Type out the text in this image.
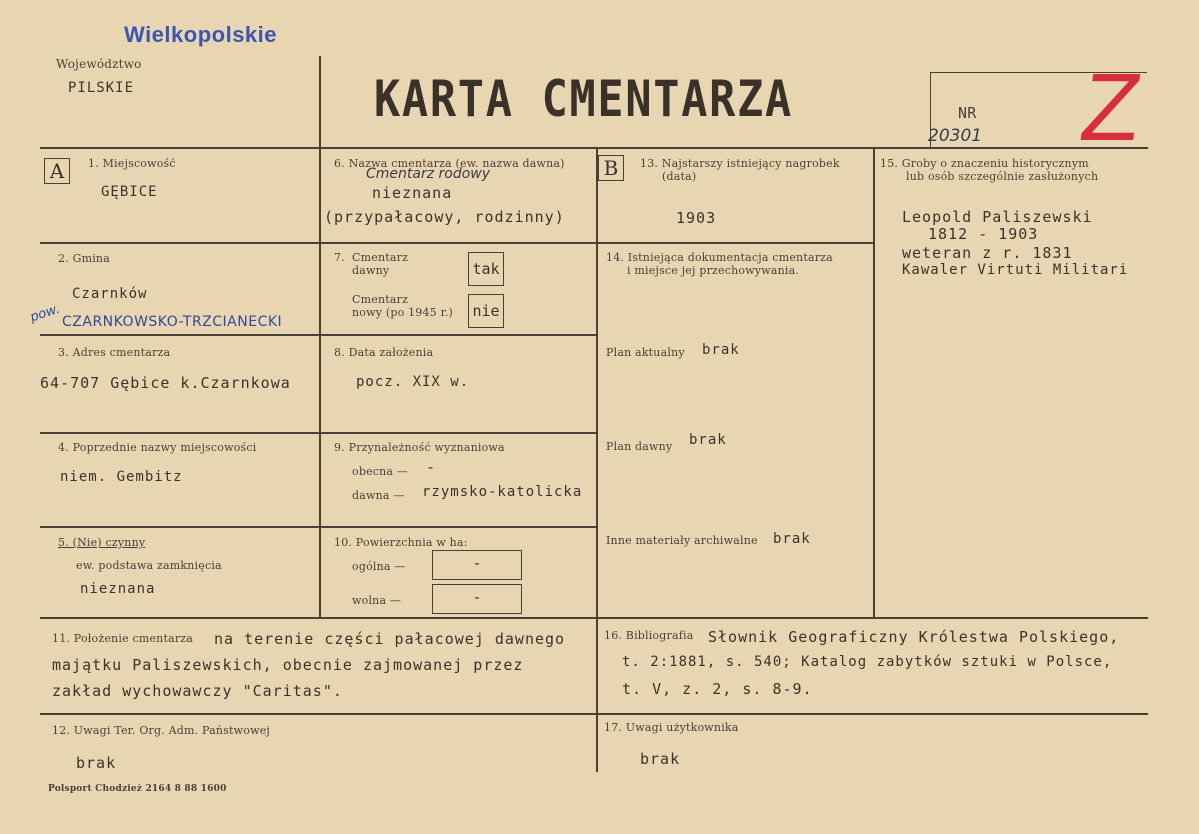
Wielkopolskie
Województwo
PILSKIE	KARTA CMENTARZA	NR
20301 Z
A	B
1. Miejscowość
GĘBICE
2. Gmina
Czarnków
pow. CZARNKOWSKO-TRZCIANECKI
3. Adres cmentarza
64-707 Gębice k.Czarnkowa
4. Poprzednie nazwy miejscowości
niem. Gembitz
5. (Nie) czynny
ew. podstawa zamknięcia
nieznana
6. Nazwa cmentarza (ew. nazwa dawna)
Cmentarz rodowy
nieznana
(przypałacowy, rodzinny)
7. Cmentarz
dawny	tak
Cmentarz
nowy (po 1945 r.) nie
8. Data założenia
pocz. XIX w.
9. Przynależność wyznaniowa
obecna — -
dawna — rzymsko-katolicka
10. Powierzchnia w ha:
ogólna —	-
wolna —	-
13. Najstarszy istniejący nagrobek
(data)
1903
14. Istniejąca dokumentacja cmentarza
i miejsce jej przechowywania.
Plan aktualny brak
Plan dawny brak
Inne materiały archiwalne brak
15. Groby o znaczeniu historycznym
lub osób szczególnie zasłużonych
Leopold Paliszewski
1812 - 1903
weteran z r. 1831
Kawaler Virtuti Militari
11. Położenie cmentarza na terenie części pałacowej dawnego
majątku Paliszewskich, obecnie zajmowanej przez
zakład wychowawczy "Caritas".
16. Bibliografia Słownik Geograficzny Królestwa Polskiego,
t. 2:1881, s. 540; Katalog zabytków sztuki w Polsce,
t. V, z. 2, s. 8-9.
12. Uwagi Ter. Org. Adm. Państwowej
brak
17. Uwagi użytkownika
brak
Polsport Chodzież 2164 8 88 1600
